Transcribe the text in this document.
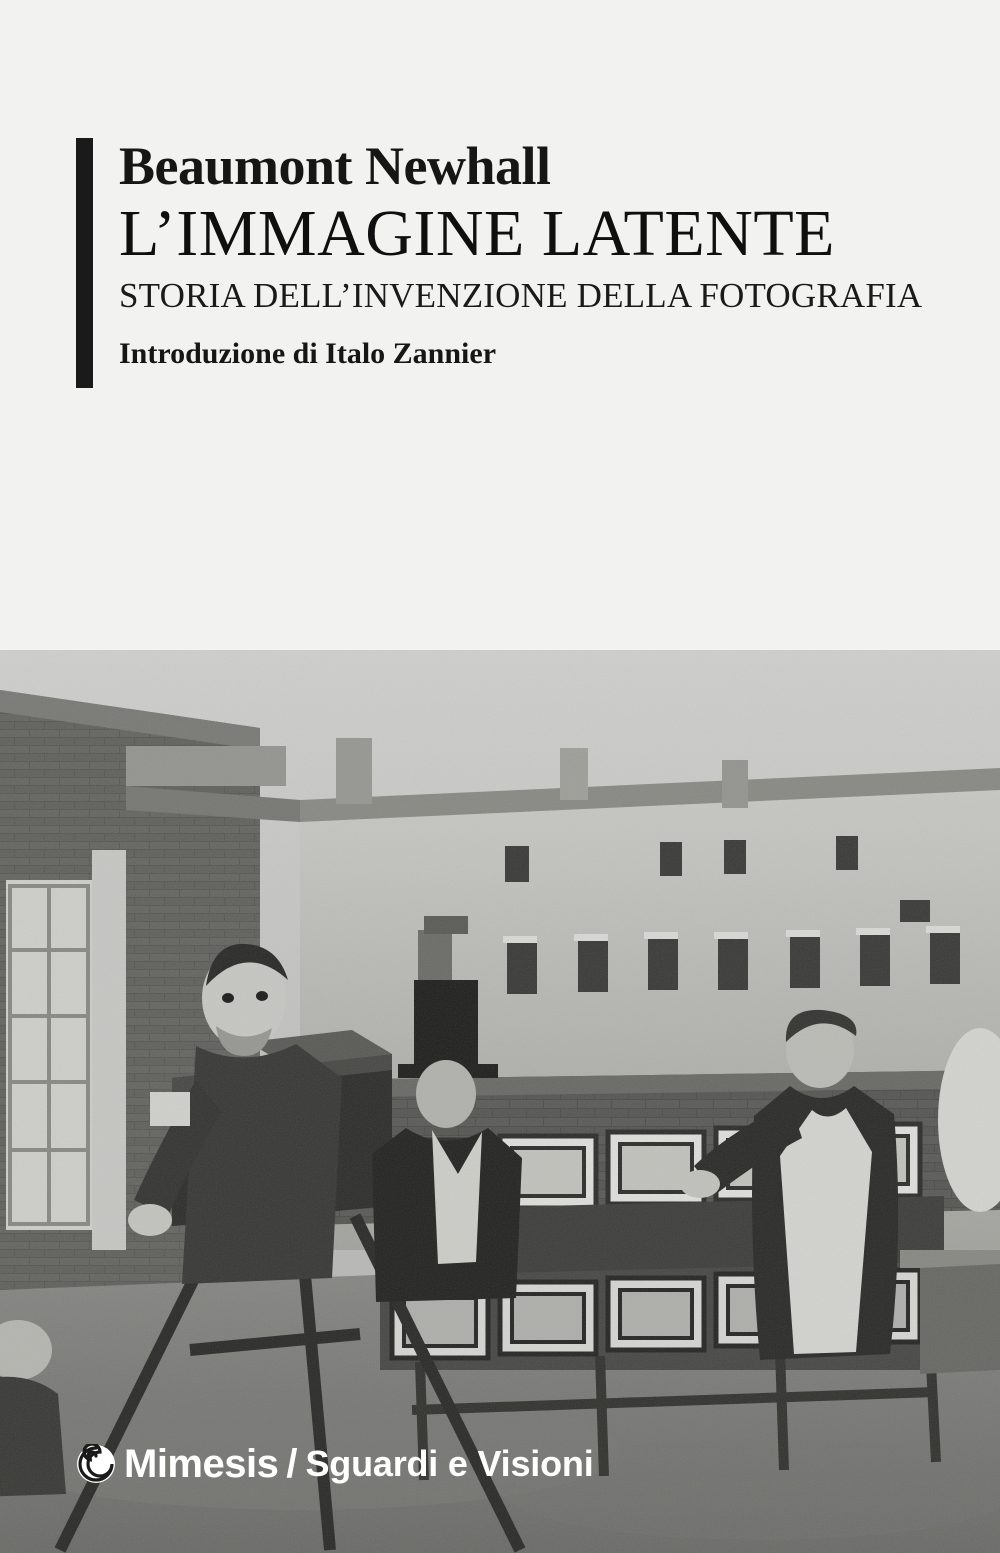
Beaumont Newhall
L’IMMAGINE LATENTE
STORIA DELL’INVENZIONE DELLA FOTOGRAFIA
Introduzione di Italo Zannier
Mimesis / Sguardi e Visioni
